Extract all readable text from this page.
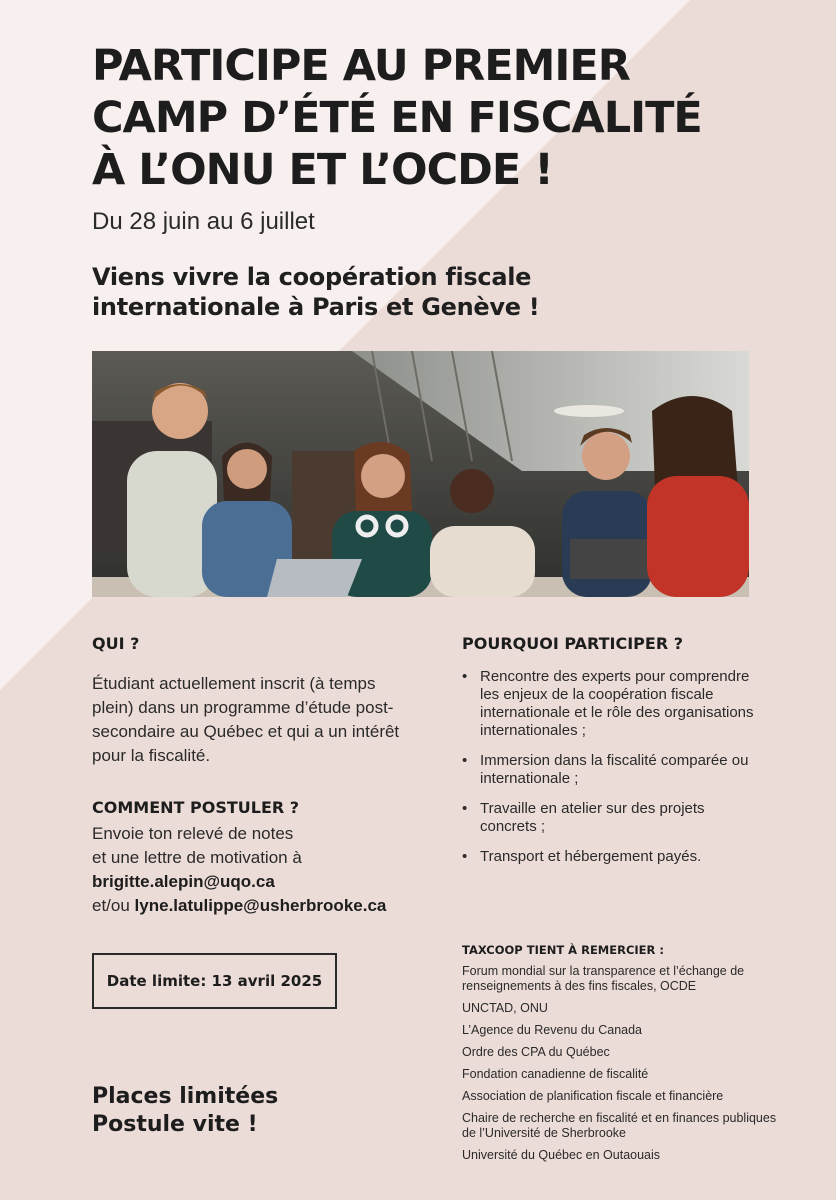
PARTICIPE AU PREMIER
CAMP D’ÉTÉ EN FISCALITÉ
À L’ONU ET L’OCDE !
Du 28 juin au 6 juillet
Viens vivre la coopération fiscale
internationale à Paris et Genève !
QUI ?
Étudiant actuellement inscrit (à temps plein) dans un programme d’étude post-secondaire au Québec et qui a un intérêt pour la fiscalité.
COMMENT POSTULER ?
Envoie ton relevé de notes
et une lettre de motivation à
brigitte.alepin@uqo.ca
et/ou lyne.latulippe@usherbrooke.ca
Date limite: 13 avril 2025
Places limitées
Postule vite !
POURQUOI PARTICIPER ?
• Rencontre des experts pour comprendre les enjeux de la coopération fiscale internationale et le rôle des organisations internationales ;
• Immersion dans la fiscalité comparée ou internationale ;
• Travaille en atelier sur des projets concrets ;
• Transport et hébergement payés.
TAXCOOP TIENT À REMERCIER :
Forum mondial sur la transparence et l’échange de renseignements à des fins fiscales, OCDE
UNCTAD, ONU
L’Agence du Revenu du Canada
Ordre des CPA du Québec
Fondation canadienne de fiscalité
Association de planification fiscale et financière
Chaire de recherche en fiscalité et en finances publiques de l’Université de Sherbrooke
Université du Québec en Outaouais
